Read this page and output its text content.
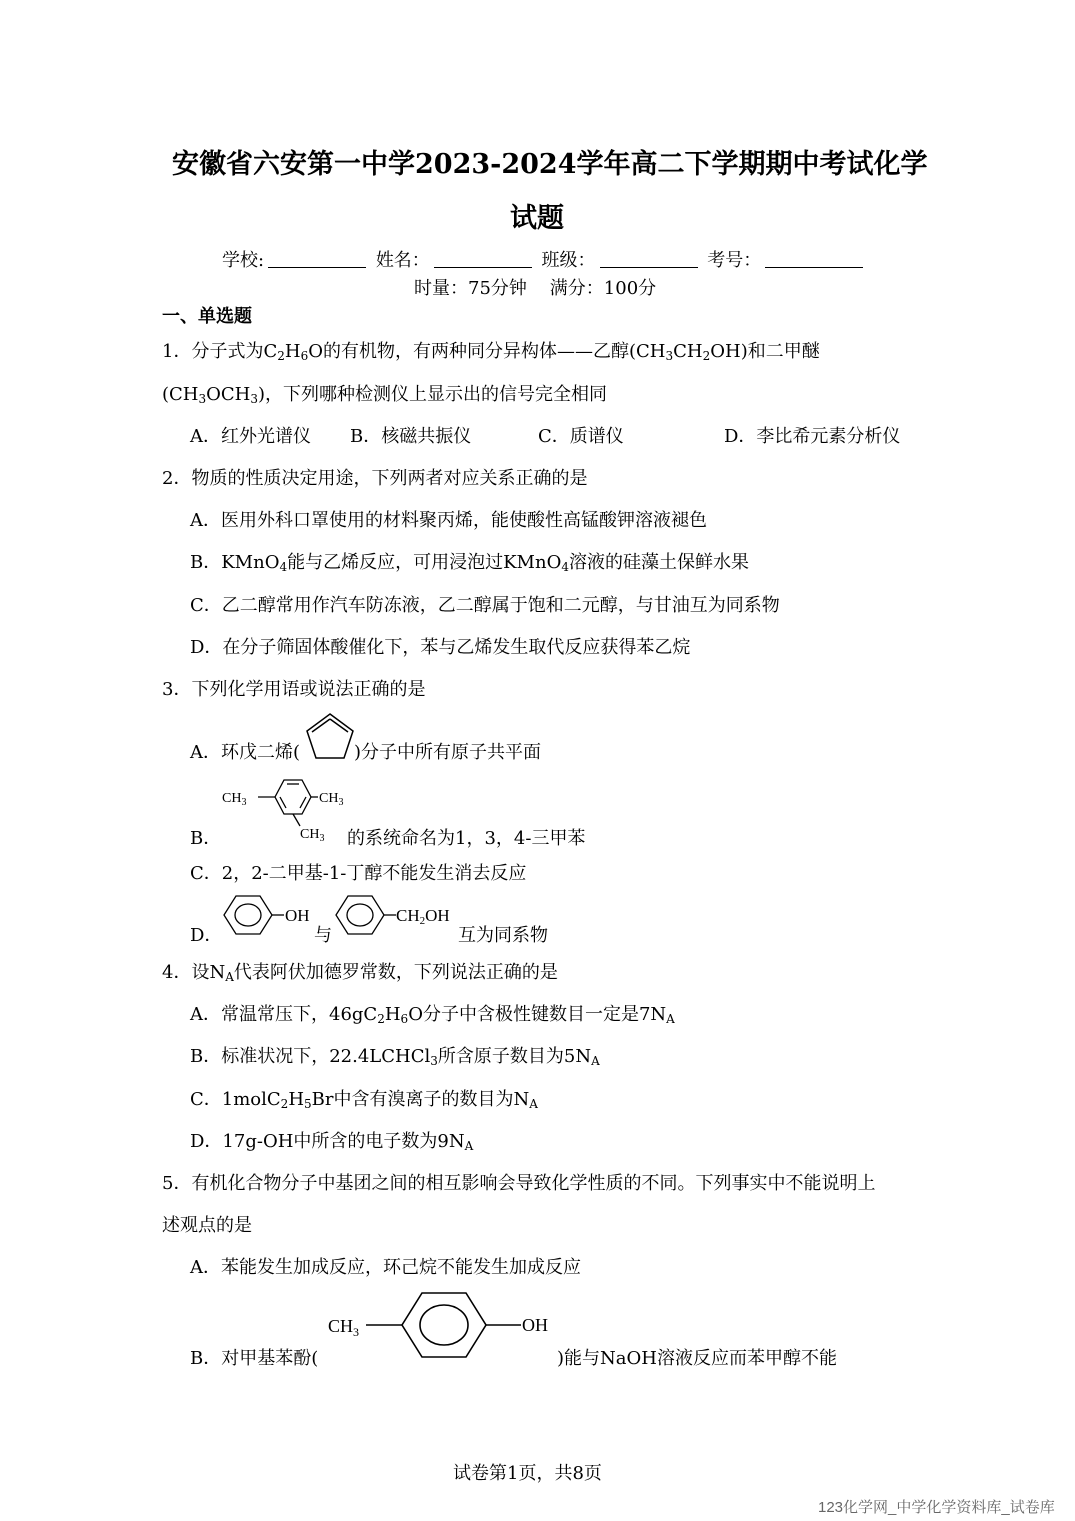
安徽省六安第一中学2023-2024学年高二下学期期中考试化学
试题
学校:	姓名：	班级：	考号：
时量：75分钟    满分：100分
一、单选题
1．分子式为$C_2H_6O$的有机物，有两种同分异构体——乙醇$(CH_3CH_2OH)$和二甲醚
$(CH_3OCH_3)$，下列哪种检测仪上显示出的信号完全相同
A．红外光谱仪 B．核磁共振仪	C．质谱仪	D．李比希元素分析仪
2．物质的性质决定用途，下列两者对应关系正确的是
A．医用外科口罩使用的材料聚丙烯，能使酸性高锰酸钾溶液褪色
B．KMnO$_4$能与乙烯反应，可用浸泡过KMnO$_4$溶液的硅藻土保鲜水果
C．乙二醇常用作汽车防冻液，乙二醇属于饱和二元醇，与甘油互为同系物
D．在分子筛固体酸催化下，苯与乙烯发生取代反应获得苯乙烷
3．下列化学用语或说法正确的是
A．环戊二烯(	)分子中所有原子共平面
B．
$CH_3$	$CH_3$
$CH_3$ 的系统命名为1，3，4-三甲苯
C．2，2-二甲基-1-丁醇不能发生消去反应
D．
OH
与
CH2OH
互为同系物
4．设$N_A$代表阿伏加德罗常数，下列说法正确的是
A．常温常压下，$46gC_2H_6O$分子中含极性键数目一定是$7N_A$
B．标准状况下，22.4LCHCl$_3$所含原子数目为$5N_A$
C．$1molC_2H_5Br$中含有溴离子的数目为$N_A$
D．17g-OH中所含的电子数为$9N_A$
5．有机化合物分子中基团之间的相互影响会导致化学性质的不同。下列事实中不能说明上
述观点的是
A．苯能发生加成反应，环己烷不能发生加成反应
B．对甲基苯酚(
$CH_3$	OH
)能与NaOH溶液反应而苯甲醇不能
试卷第1页，共8页
123化学网_中学化学资料库_试卷库
